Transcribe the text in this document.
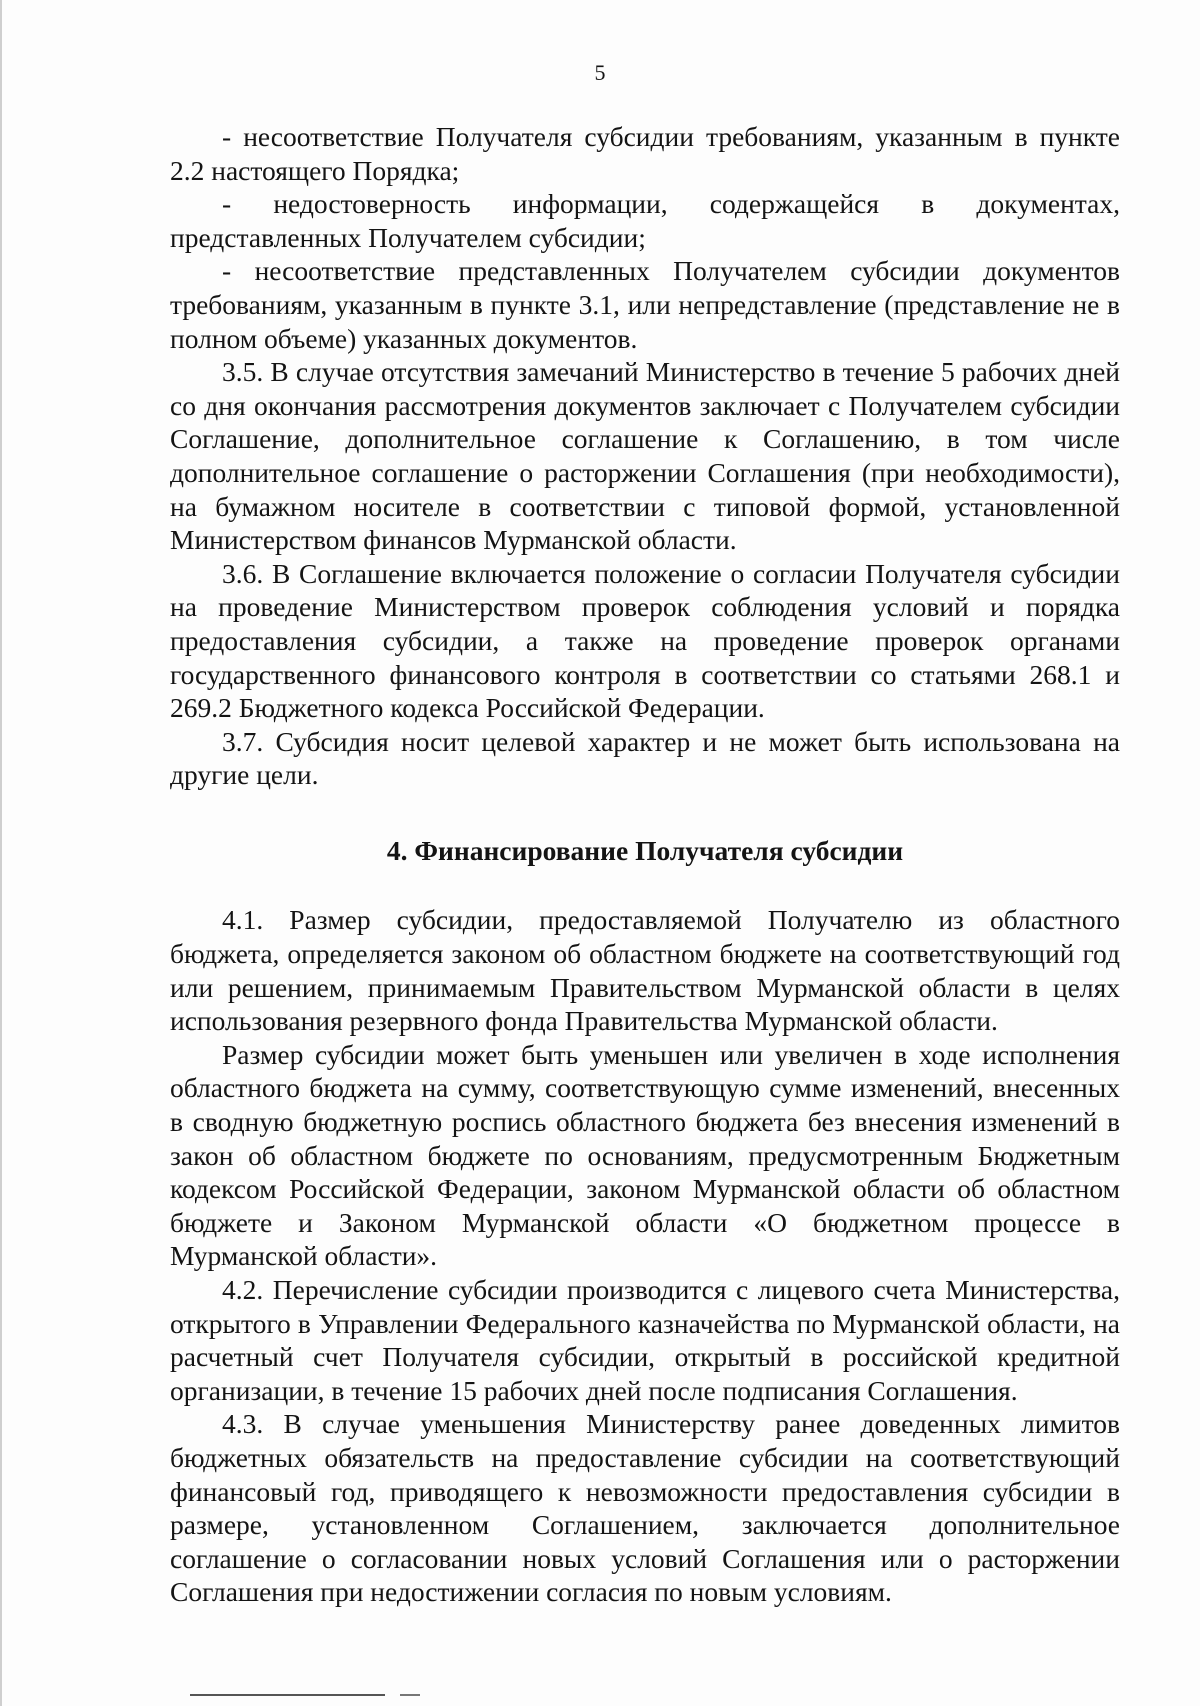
5

- несоответствие Получателя субсидии требованиям, указанным в пункте 2.2 настоящего Порядка;

- недостоверность информации, содержащейся в документах, представленных Получателем субсидии;

- несоответствие представленных Получателем субсидии документов требованиям, указанным в пункте 3.1, или непредставление (представление не в полном объеме) указанных документов.

3.5. В случае отсутствия замечаний Министерство в течение 5 рабочих дней со дня окончания рассмотрения документов заключает с Получателем субсидии Соглашение, дополнительное соглашение к Соглашению, в том числе дополнительное соглашение о расторжении Соглашения (при необходимости), на бумажном носителе в соответствии с типовой формой, установленной Министерством финансов Мурманской области.

3.6. В Соглашение включается положение о согласии Получателя субсидии на проведение Министерством проверок соблюдения условий и порядка предоставления субсидии, а также на проведение проверок органами государственного финансового контроля в соответствии со статьями 268.1 и 269.2 Бюджетного кодекса Российской Федерации.

3.7. Субсидия носит целевой характер и не может быть использована на другие цели.

4. Финансирование Получателя субсидии

4.1. Размер субсидии, предоставляемой Получателю из областного бюджета, определяется законом об областном бюджете на соответствующий год или решением, принимаемым Правительством Мурманской области в целях использования резервного фонда Правительства Мурманской области.

Размер субсидии может быть уменьшен или увеличен в ходе исполнения областного бюджета на сумму, соответствующую сумме изменений, внесенных в сводную бюджетную роспись областного бюджета без внесения изменений в закон об областном бюджете по основаниям, предусмотренным Бюджетным кодексом Российской Федерации, законом Мурманской области об областном бюджете и Законом Мурманской области «О бюджетном процессе в Мурманской области».

4.2. Перечисление субсидии производится с лицевого счета Министерства, открытого в Управлении Федерального казначейства по Мурманской области, на расчетный счет Получателя субсидии, открытый в российской кредитной организации, в течение 15 рабочих дней после подписания Соглашения.

4.3. В случае уменьшения Министерству ранее доведенных лимитов бюджетных обязательств на предоставление субсидии на соответствующий финансовый год, приводящего к невозможности предоставления субсидии в размере, установленном Соглашением, заключается дополнительное соглашение о согласовании новых условий Соглашения или о расторжении Соглашения при недостижении согласия по новым условиям.
